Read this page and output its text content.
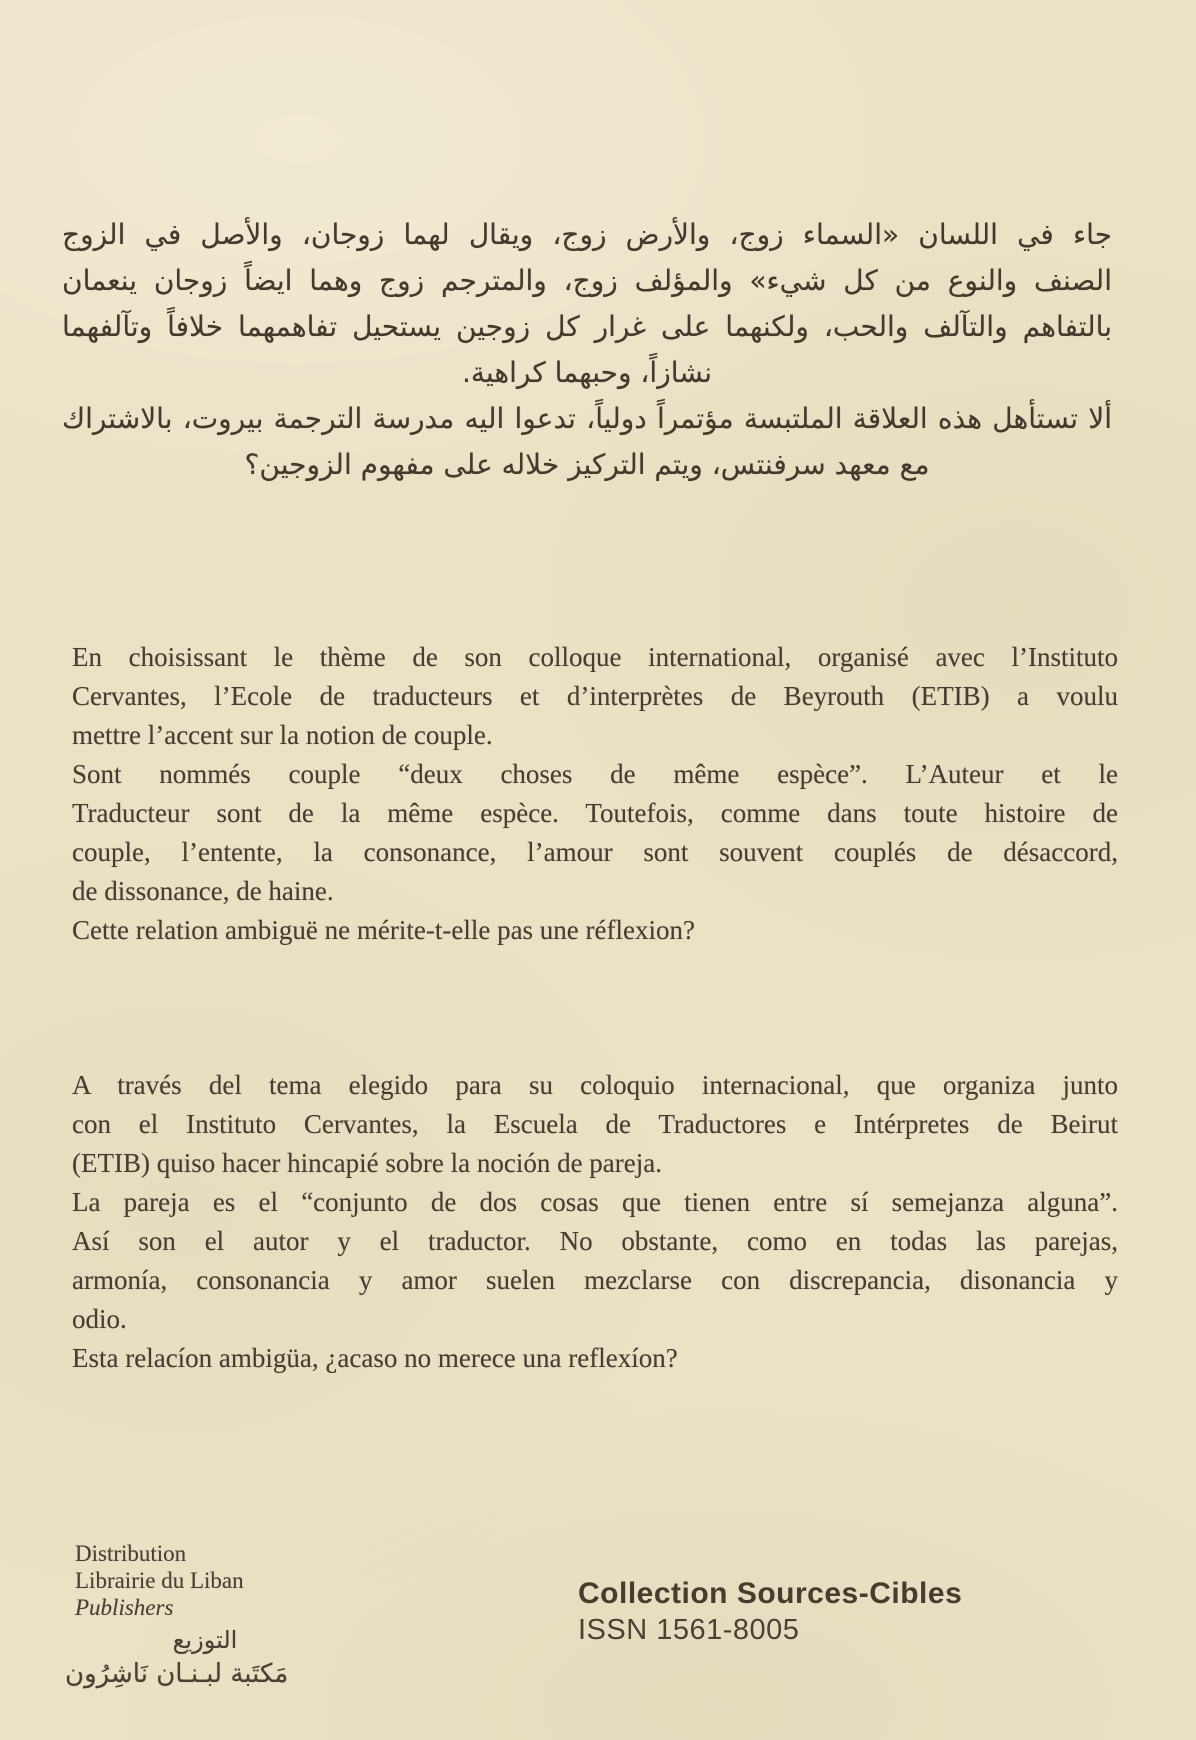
جاء في اللسان «السماء زوج، والأرض زوج، ويقال لهما زوجان، والأصل في الزوج
الصنف والنوع من كل شيء» والمؤلف زوج، والمترجم زوج وهما ايضاً زوجان ينعمان
بالتفاهم والتآلف والحب، ولكنهما على غرار كل زوجين يستحيل تفاهمهما خلافاً وتآلفهما
نشازاً، وحبهما كراهية.
ألا تستأهل هذه العلاقة الملتبسة مؤتمراً دولياً، تدعوا اليه مدرسة الترجمة بيروت، بالاشتراك
مع معهد سرفنتس، ويتم التركيز خلاله على مفهوم الزوجين؟
En choisissant le thème de son colloque international, organisé avec l’Instituto
Cervantes, l’Ecole de traducteurs et d’interprètes de Beyrouth (ETIB) a voulu
mettre l’accent sur la notion de couple.
Sont nommés couple “deux choses de même espèce”. L’Auteur et le
Traducteur sont de la même espèce. Toutefois, comme dans toute histoire de
couple, l’entente, la consonance, l’amour sont souvent couplés de désaccord,
de dissonance, de haine.
Cette relation ambiguë ne mérite-t-elle pas une réflexion?
A través del tema elegido para su coloquio internacional, que organiza junto
con el Instituto Cervantes, la Escuela de Traductores e Intérpretes de Beirut
(ETIB) quiso hacer hincapié sobre la noción de pareja.
La pareja es el “conjunto de dos cosas que tienen entre sí semejanza alguna”.
Así son el autor y el traductor. No obstante, como en todas las parejas,
armonía, consonancia y amor suelen mezclarse con discrepancia, disonancia y
odio.
Esta relacíon ambigüa, ¿acaso no merece una reflexíon?
Distribution
Librairie du Liban Publishers
التوزيع
مَكتَبة لبـنـان نَاشِرُون
Collection Sources-Cibles
ISSN 1561-8005
